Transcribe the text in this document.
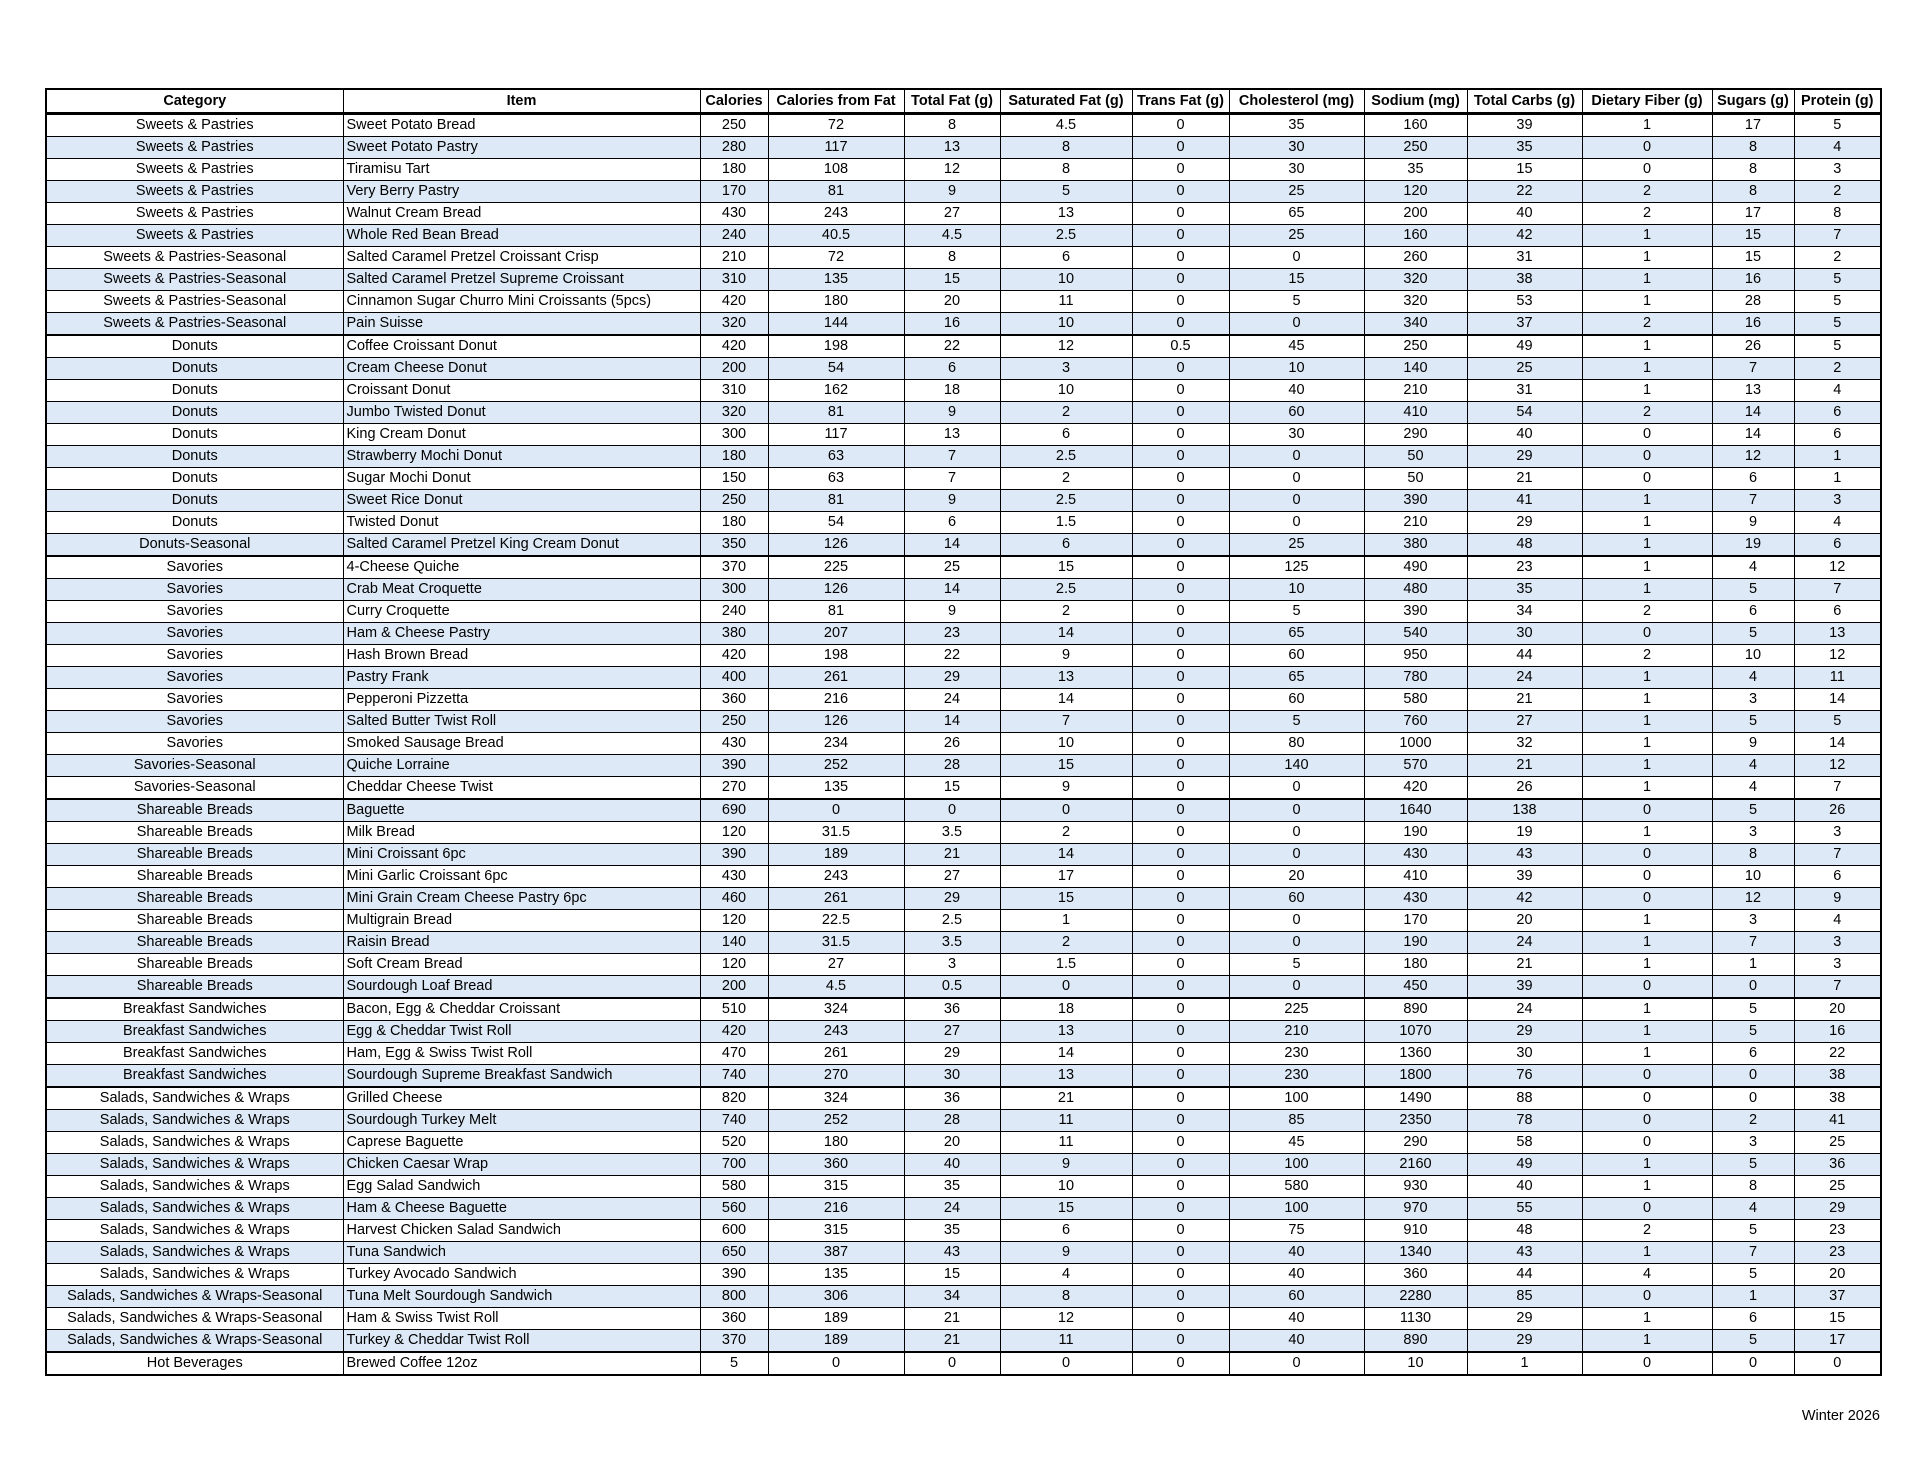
Category	Item	Calories	Calories from Fat	Total Fat (g)	Saturated Fat (g)	Trans Fat (g)	Cholesterol (mg)	Sodium (mg)	Total Carbs (g)	Dietary Fiber (g)	Sugars (g)	Protein (g)
Sweets & Pastries	Sweet Potato Bread	250	72	8	4.5	0	35	160	39	1	17	5
Sweets & Pastries	Sweet Potato Pastry	280	117	13	8	0	30	250	35	0	8	4
Sweets & Pastries	Tiramisu Tart	180	108	12	8	0	30	35	15	0	8	3
Sweets & Pastries	Very Berry Pastry	170	81	9	5	0	25	120	22	2	8	2
Sweets & Pastries	Walnut Cream Bread	430	243	27	13	0	65	200	40	2	17	8
Sweets & Pastries	Whole Red Bean Bread	240	40.5	4.5	2.5	0	25	160	42	1	15	7
Sweets & Pastries-Seasonal	Salted Caramel Pretzel Croissant Crisp	210	72	8	6	0	0	260	31	1	15	2
Sweets & Pastries-Seasonal	Salted Caramel Pretzel Supreme Croissant	310	135	15	10	0	15	320	38	1	16	5
Sweets & Pastries-Seasonal	Cinnamon Sugar Churro Mini Croissants (5pcs)	420	180	20	11	0	5	320	53	1	28	5
Sweets & Pastries-Seasonal	Pain Suisse	320	144	16	10	0	0	340	37	2	16	5
Donuts	Coffee Croissant Donut	420	198	22	12	0.5	45	250	49	1	26	5
Donuts	Cream Cheese Donut	200	54	6	3	0	10	140	25	1	7	2
Donuts	Croissant Donut	310	162	18	10	0	40	210	31	1	13	4
Donuts	Jumbo Twisted Donut	320	81	9	2	0	60	410	54	2	14	6
Donuts	King Cream Donut	300	117	13	6	0	30	290	40	0	14	6
Donuts	Strawberry Mochi Donut	180	63	7	2.5	0	0	50	29	0	12	1
Donuts	Sugar Mochi Donut	150	63	7	2	0	0	50	21	0	6	1
Donuts	Sweet Rice Donut	250	81	9	2.5	0	0	390	41	1	7	3
Donuts	Twisted Donut	180	54	6	1.5	0	0	210	29	1	9	4
Donuts-Seasonal	Salted Caramel Pretzel King Cream Donut	350	126	14	6	0	25	380	48	1	19	6
Savories	4-Cheese Quiche	370	225	25	15	0	125	490	23	1	4	12
Savories	Crab Meat Croquette	300	126	14	2.5	0	10	480	35	1	5	7
Savories	Curry Croquette	240	81	9	2	0	5	390	34	2	6	6
Savories	Ham & Cheese Pastry	380	207	23	14	0	65	540	30	0	5	13
Savories	Hash Brown Bread	420	198	22	9	0	60	950	44	2	10	12
Savories	Pastry Frank	400	261	29	13	0	65	780	24	1	4	11
Savories	Pepperoni Pizzetta	360	216	24	14	0	60	580	21	1	3	14
Savories	Salted Butter Twist Roll	250	126	14	7	0	5	760	27	1	5	5
Savories	Smoked Sausage Bread	430	234	26	10	0	80	1000	32	1	9	14
Savories-Seasonal	Quiche Lorraine	390	252	28	15	0	140	570	21	1	4	12
Savories-Seasonal	Cheddar Cheese Twist	270	135	15	9	0	0	420	26	1	4	7
Shareable Breads	Baguette	690	0	0	0	0	0	1640	138	0	5	26
Shareable Breads	Milk Bread	120	31.5	3.5	2	0	0	190	19	1	3	3
Shareable Breads	Mini Croissant 6pc	390	189	21	14	0	0	430	43	0	8	7
Shareable Breads	Mini Garlic Croissant 6pc	430	243	27	17	0	20	410	39	0	10	6
Shareable Breads	Mini Grain Cream Cheese Pastry 6pc	460	261	29	15	0	60	430	42	0	12	9
Shareable Breads	Multigrain Bread	120	22.5	2.5	1	0	0	170	20	1	3	4
Shareable Breads	Raisin Bread	140	31.5	3.5	2	0	0	190	24	1	7	3
Shareable Breads	Soft Cream Bread	120	27	3	1.5	0	5	180	21	1	1	3
Shareable Breads	Sourdough Loaf Bread	200	4.5	0.5	0	0	0	450	39	0	0	7
Breakfast Sandwiches	Bacon, Egg & Cheddar Croissant	510	324	36	18	0	225	890	24	1	5	20
Breakfast Sandwiches	Egg & Cheddar Twist Roll	420	243	27	13	0	210	1070	29	1	5	16
Breakfast Sandwiches	Ham, Egg & Swiss Twist Roll	470	261	29	14	0	230	1360	30	1	6	22
Breakfast Sandwiches	Sourdough Supreme Breakfast Sandwich	740	270	30	13	0	230	1800	76	0	0	38
Salads, Sandwiches & Wraps	Grilled Cheese	820	324	36	21	0	100	1490	88	0	0	38
Salads, Sandwiches & Wraps	Sourdough Turkey Melt	740	252	28	11	0	85	2350	78	0	2	41
Salads, Sandwiches & Wraps	Caprese Baguette	520	180	20	11	0	45	290	58	0	3	25
Salads, Sandwiches & Wraps	Chicken Caesar Wrap	700	360	40	9	0	100	2160	49	1	5	36
Salads, Sandwiches & Wraps	Egg Salad Sandwich	580	315	35	10	0	580	930	40	1	8	25
Salads, Sandwiches & Wraps	Ham & Cheese Baguette	560	216	24	15	0	100	970	55	0	4	29
Salads, Sandwiches & Wraps	Harvest Chicken Salad Sandwich	600	315	35	6	0	75	910	48	2	5	23
Salads, Sandwiches & Wraps	Tuna Sandwich	650	387	43	9	0	40	1340	43	1	7	23
Salads, Sandwiches & Wraps	Turkey Avocado Sandwich	390	135	15	4	0	40	360	44	4	5	20
Salads, Sandwiches & Wraps-Seasonal	Tuna Melt Sourdough Sandwich	800	306	34	8	0	60	2280	85	0	1	37
Salads, Sandwiches & Wraps-Seasonal	Ham & Swiss Twist Roll	360	189	21	12	0	40	1130	29	1	6	15
Salads, Sandwiches & Wraps-Seasonal	Turkey & Cheddar Twist Roll	370	189	21	11	0	40	890	29	1	5	17
Hot Beverages	Brewed Coffee 12oz	5	0	0	0	0	0	10	1	0	0	0
Winter 2026
